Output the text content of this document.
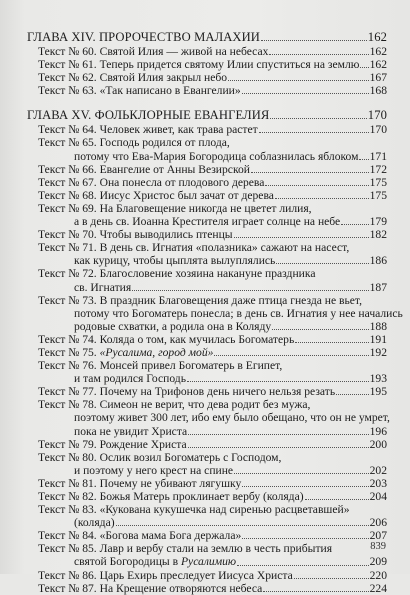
ГЛАВА XIV. ПРОРОЧЕСТВО МАЛАХИИ	162
Текст № 60. Святой Илия — живой на небесах	162
Текст № 61. Теперь придется святому Илии спуститься на землю 162
Текст № 62. Святой Илия закрыл небо	167
Текст № 63. «Так написано в Евангелии»	168
ГЛАВА XV. ФОЛЬКЛОРНЫЕ ЕВАНГЕЛИЯ	170
Текст № 64. Человек живет, как трава растет	170
Текст № 65. Господь родился от плода,
потому что Ева-Мария Богородица соблазнилась яблоком 171
Текст № 66. Евангелие от Анны Везирской	172
Текст № 67. Она понесла от плодового дерева	175
Текст № 68. Иисус Христос был зачат от дерева	175
Текст № 69. На Благовещение никогда не цветет лилия,
а в день св. Иоанна Крестителя играет солнце на небе	179
Текст № 70. Чтобы выводились птенцы	182
Текст № 71. В день св. Игнатия «полазника» сажают на насест,
как курицу, чтобы цыплята вылуплялись	186
Текст № 72. Благословение хозяина накануне праздника
св. Игнатия	187
Текст № 73. В праздник Благовещения даже птица гнезда не вьет,
потому что Богоматерь понесла; в день св. Игнатия у нее начались
родовые схватки, а родила она в Коляду	188
Текст № 74. Коляда о том, как мучилась Богоматерь	191
Текст № 75. «Русалима, город мой»	192
Текст № 76. Монсей привел Богоматерь в Египет,
и там родился Господь	193
Текст № 77. Почему на Трифонов день ничего нельзя резать	195
Текст № 78. Симеон не верит, что дева родит без мужа,
поэтому живет 300 лет, ибо ему было обещано, что он не умрет,
пока не увидит Христа	196
Текст № 79. Рождение Христа	200
Текст № 80. Ослик возил Богоматерь с Господом,
и поэтому у него крест на спине	202
Текст № 81. Почему не убивают лягушку	203
Текст № 82. Божья Матерь проклинает вербу (коляда)	204
Текст № 83. «Кукована кукушечка над сиренью расцветавшей»
(коляда)	206
Текст № 84. «Богова мама Бога держала»	207
Текст № 85. Лавр и вербу стали на землю в честь прибытия
святой Богородицы в Русалимию	209
Текст № 86. Царь Ехирь преследует Иисуса Христа	220
Текст № 87. На Крещение отворяются небеса	224
839
